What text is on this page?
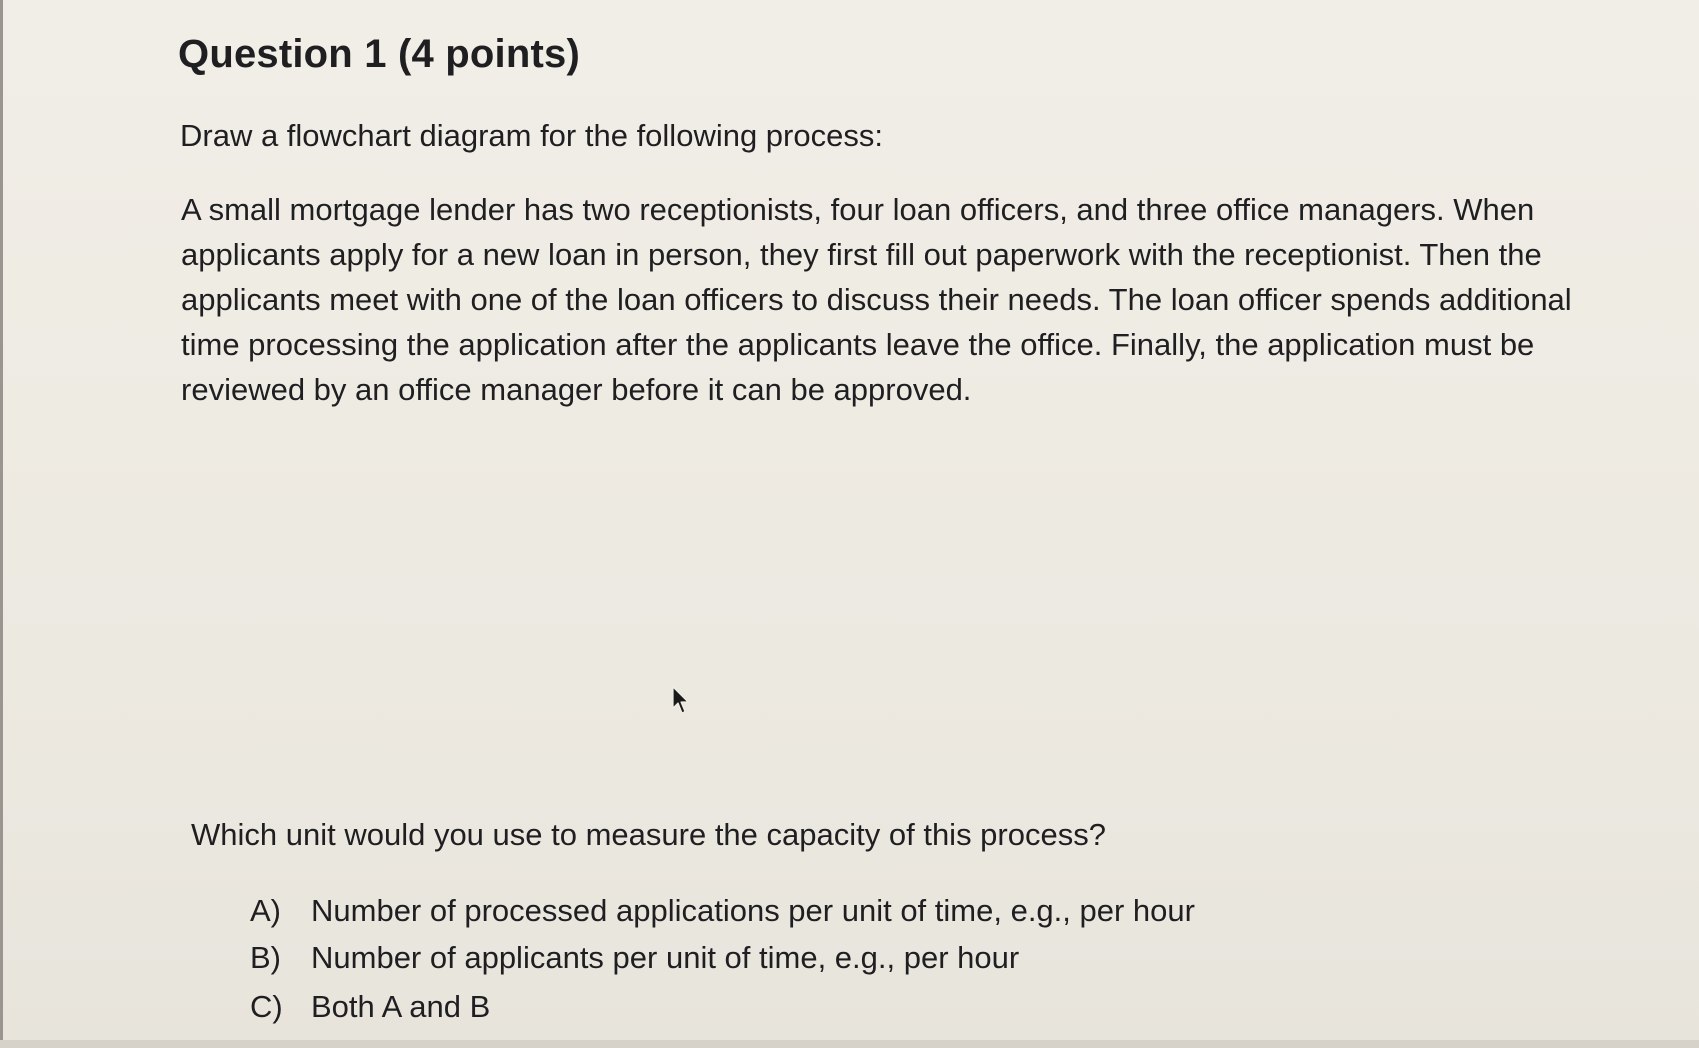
Question 1 (4 points)

Draw a flowchart diagram for the following process:

A small mortgage lender has two receptionists, four loan officers, and three office managers. When applicants apply for a new loan in person, they first fill out paperwork with the receptionist. Then the applicants meet with one of the loan officers to discuss their needs. The loan officer spends additional time processing the application after the applicants leave the office. Finally, the application must be reviewed by an office manager before it can be approved.

Which unit would you use to measure the capacity of this process?

A) Number of processed applications per unit of time, e.g., per hour
B) Number of applicants per unit of time, e.g., per hour
C) Both A and B
